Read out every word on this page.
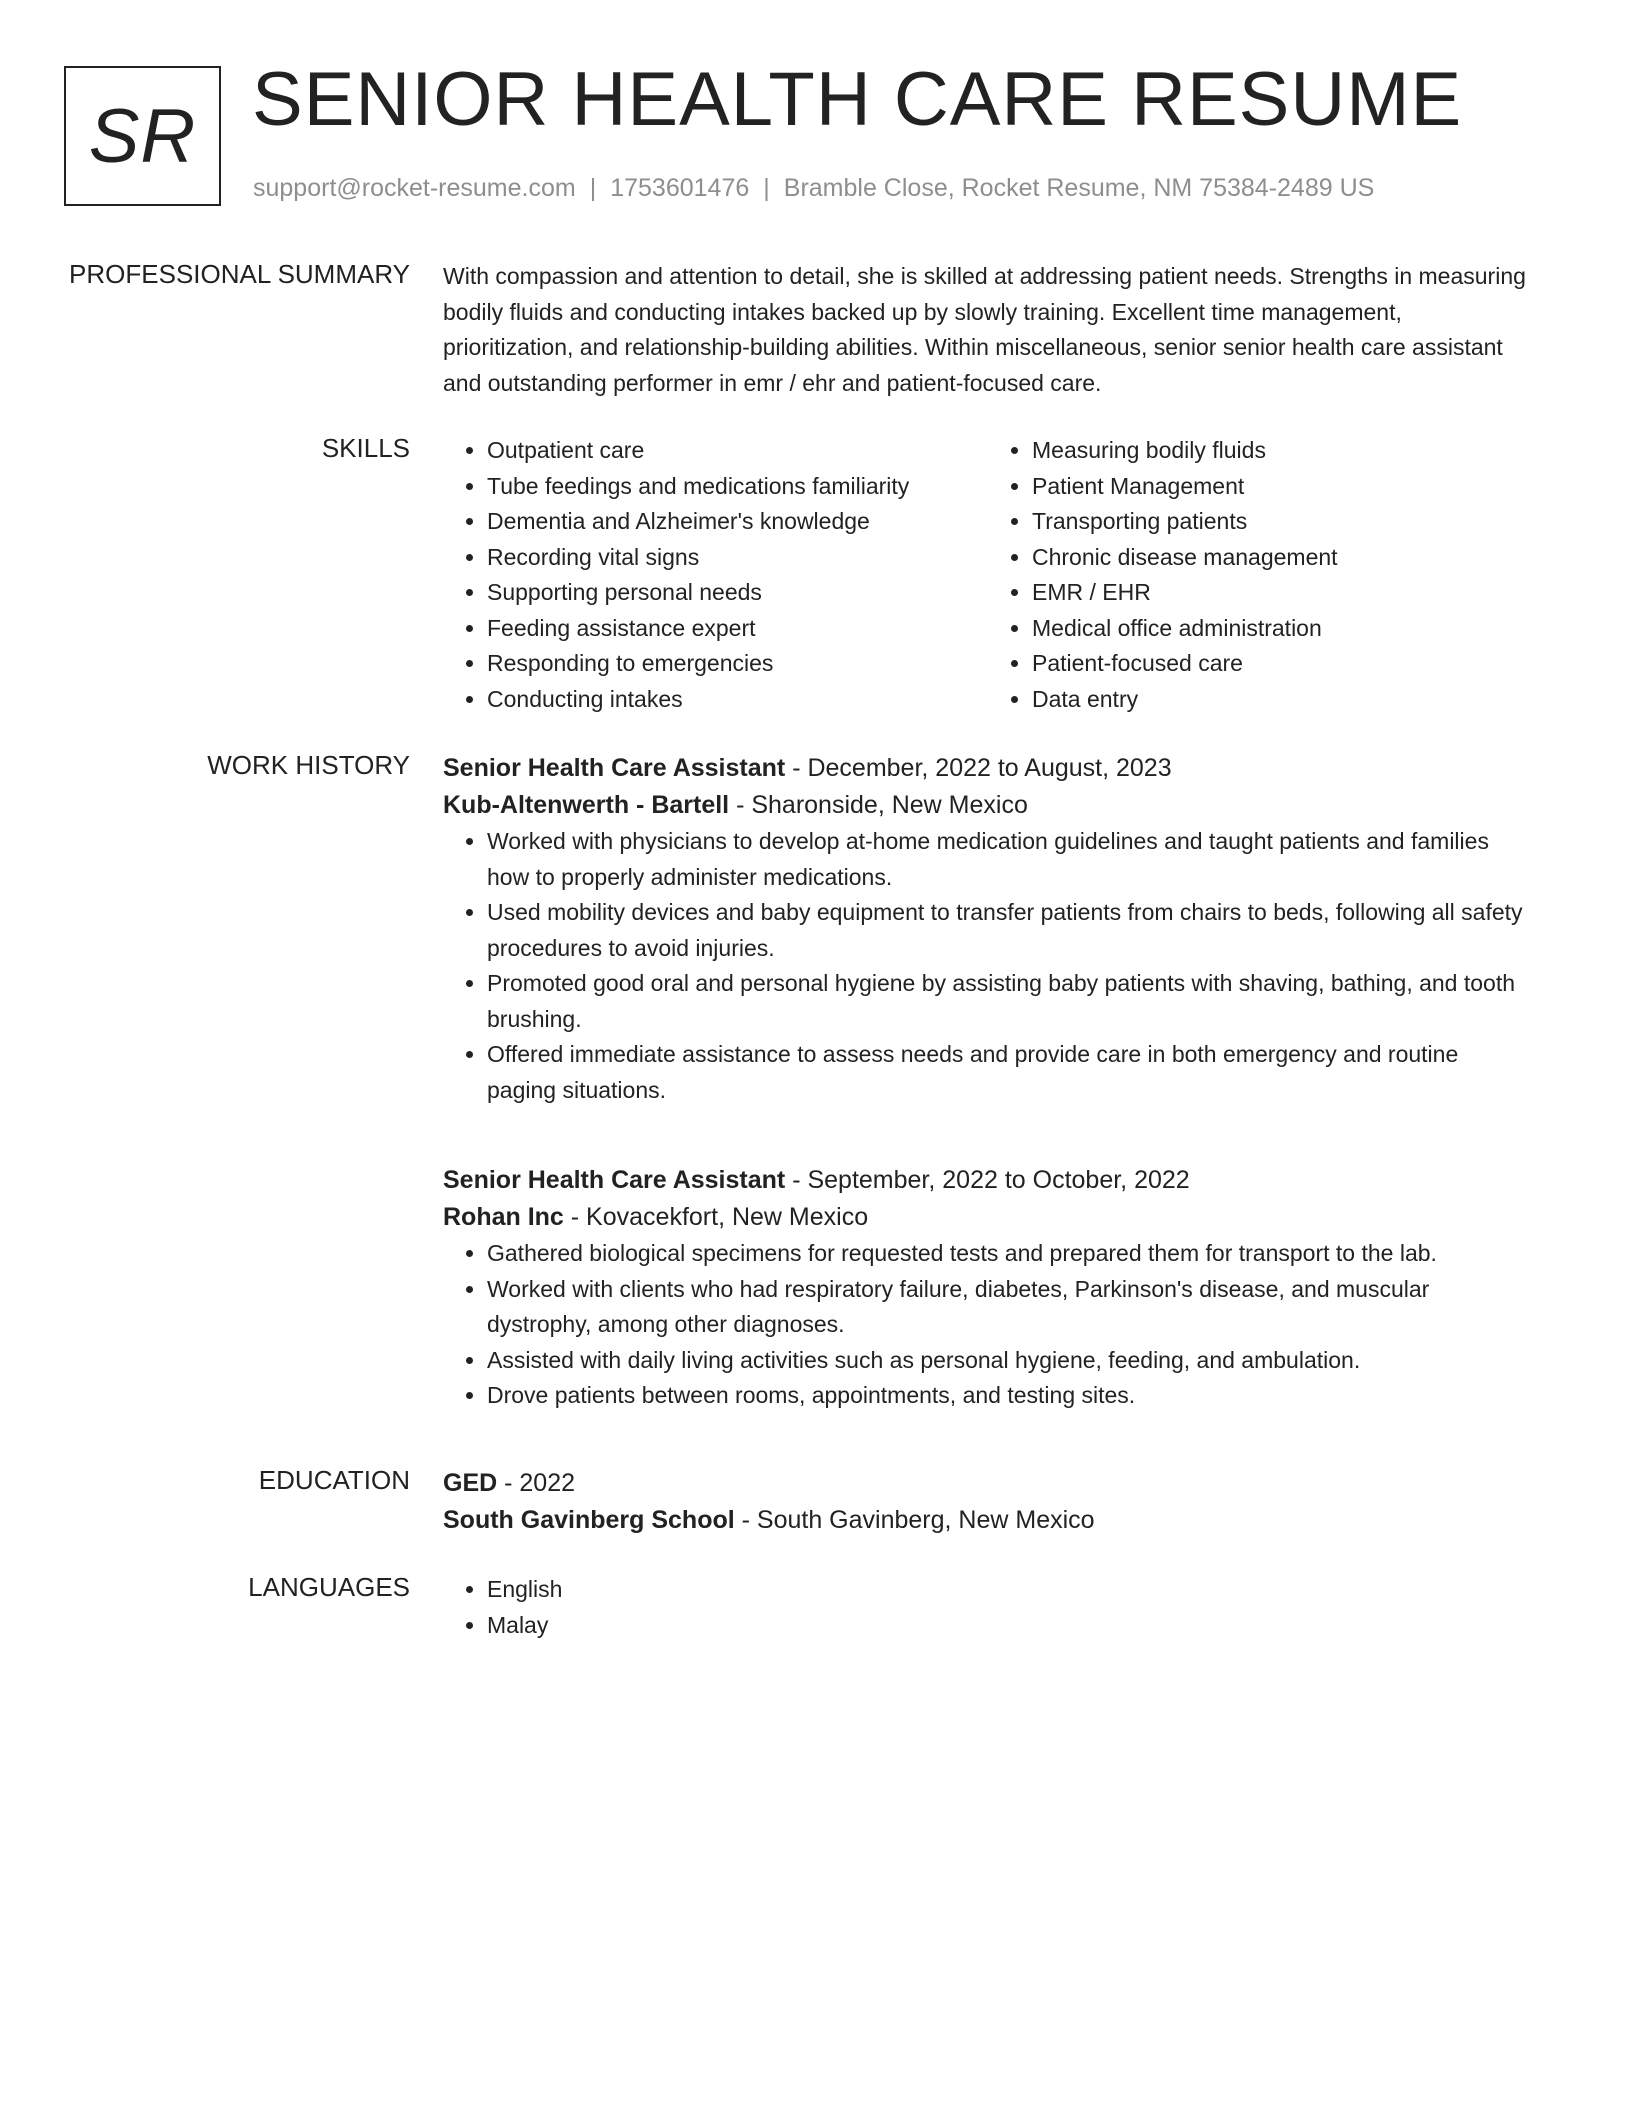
SR SENIOR HEALTH CARE RESUME
support@rocket-resume.com | 1753601476 | Bramble Close, Rocket Resume, NM 75384-2489 US
PROFESSIONAL SUMMARY With compassion and attention to detail, she is skilled at addressing patient needs. Strengths in measuring bodily fluids and conducting intakes backed up by slowly training. Excellent time management, prioritization, and relationship-building abilities. Within miscellaneous, senior senior health care assistant and outstanding performer in emr / ehr and patient-focused care.
SKILLS	• Outpatient care
• Tube feedings and medications familiarity
• Dementia and Alzheimer's knowledge
• Recording vital signs
• Supporting personal needs
• Feeding assistance expert
• Responding to emergencies
• Conducting intakes
• Measuring bodily fluids
• Patient Management
• Transporting patients
• Chronic disease management
• EMR / EHR
• Medical office administration
• Patient-focused care
• Data entry
WORK HISTORY Senior Health Care Assistant - December, 2022 to August, 2023
Kub-Altenwerth - Bartell - Sharonside, New Mexico
• Worked with physicians to develop at-home medication guidelines and taught patients and families how to properly administer medications.
• Used mobility devices and baby equipment to transfer patients from chairs to beds, following all safety procedures to avoid injuries.
• Promoted good oral and personal hygiene by assisting baby patients with shaving, bathing, and tooth brushing.
• Offered immediate assistance to assess needs and provide care in both emergency and routine paging situations.
Senior Health Care Assistant - September, 2022 to October, 2022
Rohan Inc - Kovacekfort, New Mexico
• Gathered biological specimens for requested tests and prepared them for transport to the lab.
• Worked with clients who had respiratory failure, diabetes, Parkinson's disease, and muscular dystrophy, among other diagnoses.
• Assisted with daily living activities such as personal hygiene, feeding, and ambulation.
• Drove patients between rooms, appointments, and testing sites.
EDUCATION GED - 2022
South Gavinberg School - South Gavinberg, New Mexico
LANGUAGES	• English
• Malay
